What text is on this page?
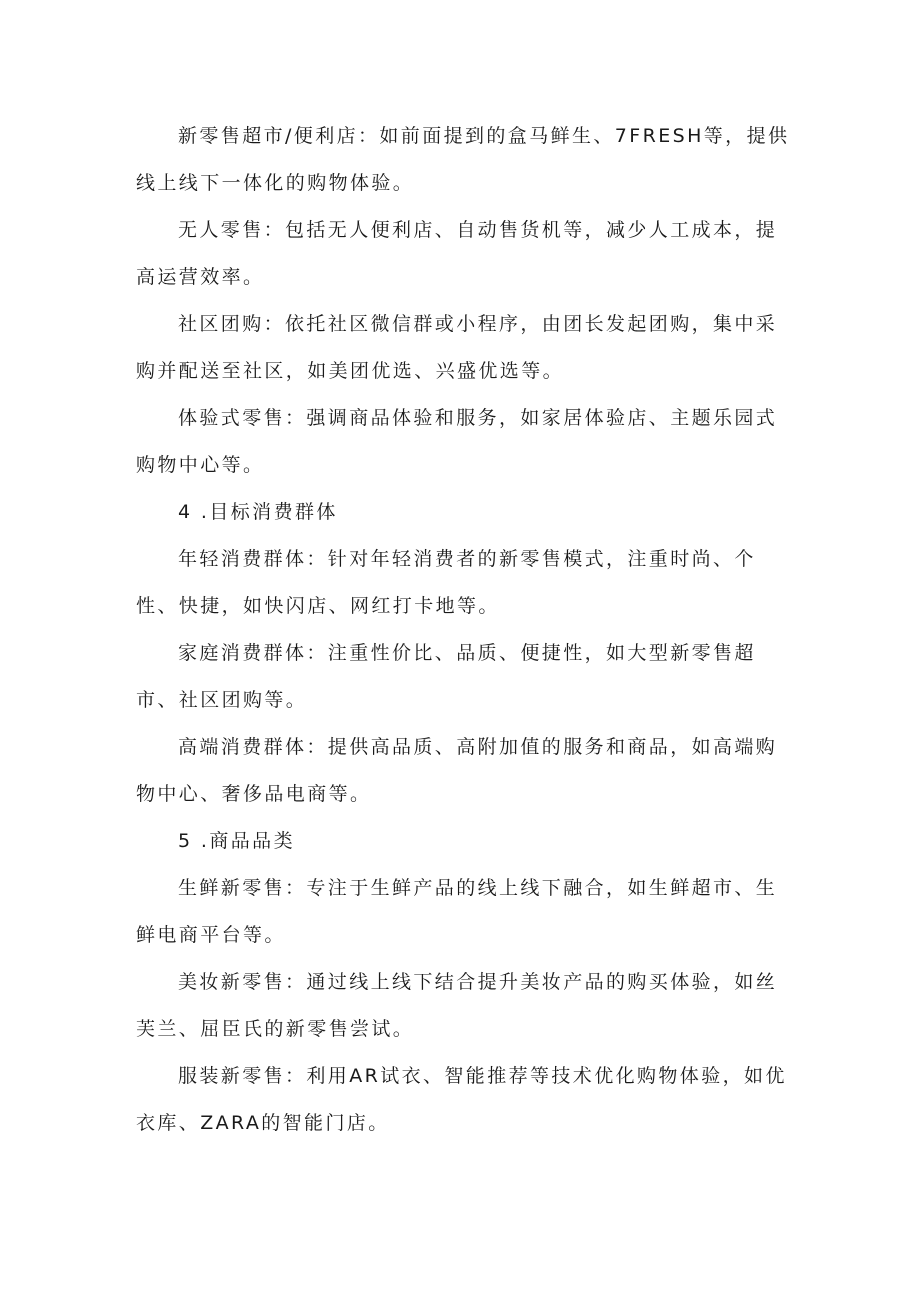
新零售超市/便利店：如前面提到的盒马鲜生、7FRESH等，提供线上线下一体化的购物体验。

无人零售：包括无人便利店、自动售货机等，减少人工成本，提高运营效率。

社区团购：依托社区微信群或小程序，由团长发起团购，集中采购并配送至社区，如美团优选、兴盛优选等。

体验式零售：强调商品体验和服务，如家居体验店、主题乐园式购物中心等。

4 .目标消费群体

年轻消费群体：针对年轻消费者的新零售模式，注重时尚、个性、快捷，如快闪店、网红打卡地等。

家庭消费群体：注重性价比、品质、便捷性，如大型新零售超市、社区团购等。

高端消费群体：提供高品质、高附加值的服务和商品，如高端购物中心、奢侈品电商等。

5 .商品品类

生鲜新零售：专注于生鲜产品的线上线下融合，如生鲜超市、生鲜电商平台等。

美妆新零售：通过线上线下结合提升美妆产品的购买体验，如丝芙兰、屈臣氏的新零售尝试。

服装新零售：利用AR试衣、智能推荐等技术优化购物体验，如优衣库、ZARA的智能门店。
